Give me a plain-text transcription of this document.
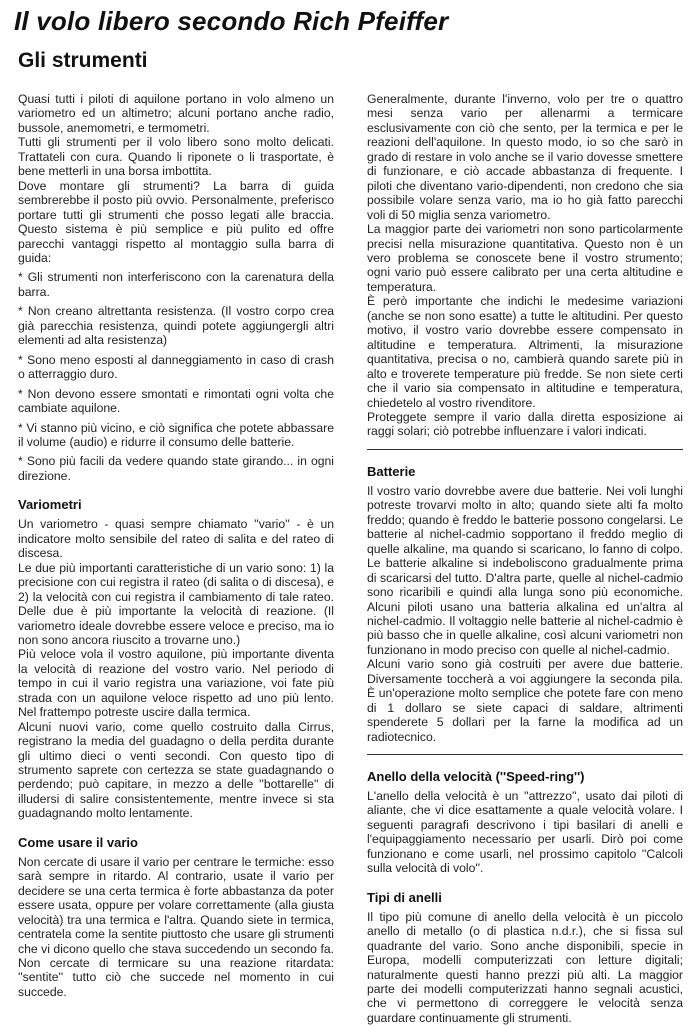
Il volo libero secondo Rich Pfeiffer
Gli strumenti

Quasi tutti i piloti di aquilone portano in volo almeno un variometro ed un altimetro; alcuni portano anche radio, bussole, anemometri, e termometri.

Tutti gli strumenti per il volo libero sono molto delicati. Trattateli con cura. Quando li riponete o li trasportate, è bene metterli in una borsa imbottita.

Dove montare gli strumenti? La barra di guida sembrerebbe il posto più ovvio. Personalmente, preferisco portare tutti gli strumenti che posso legati alle braccia. Questo sistema è più semplice e più pulito ed offre parecchi vantaggi rispetto al montaggio sulla barra di guida:

* Gli strumenti non interferiscono con la carenatura della barra.

* Non creano altrettanta resistenza. (Il vostro corpo crea già parecchia resistenza, quindi potete aggiungergli altri elementi ad alta resistenza)

* Sono meno esposti al danneggiamento in caso di crash o atterraggio duro.

* Non devono essere smontati e rimontati ogni volta che cambiate aquilone.

* Vi stanno più vicino, e ciò significa che potete abbassare il volume (audio) e ridurre il consumo delle batterie.

* Sono più facili da vedere quando state girando... in ogni direzione.

Variometri

Un variometro - quasi sempre chiamato ''vario'' - è un indicatore molto sensibile del rateo di salita e del rateo di discesa.

Le due più importanti caratteristiche di un vario sono: 1) la precisione con cui registra il rateo (di salita o di discesa), e 2) la velocità con cui registra il cambiamento di tale rateo. Delle due è più importante la velocità di reazione. (Il variometro ideale dovrebbe essere veloce e preciso, ma io non sono ancora riuscito a trovarne uno.)

Più veloce vola il vostro aquilone, più importante diventa la velocità di reazione del vostro vario. Nel periodo di tempo in cui il vario registra una variazione, voi fate più strada con un aquilone veloce rispetto ad uno più lento. Nel frattempo potreste uscire dalla termica.

Alcuni nuovi vario, come quello costruito dalla Cirrus, registrano la media del guadagno o della perdita durante gli ultimo dieci o venti secondi. Con questo tipo di strumento saprete con certezza se state guadagnando o perdendo; può capitare, in mezzo a delle ''bottarelle'' di illudersi di salire consistentemente, mentre invece si sta guadagnando molto lentamente.

Come usare il vario

Non cercate di usare il vario per centrare le termiche: esso sarà sempre in ritardo. Al contrario, usate il vario per decidere se una certa termica è forte abbastanza da poter essere usata, oppure per volare correttamente (alla giusta velocità) tra una termica e l'altra. Quando siete in termica, centratela come la sentite piuttosto che usare gli strumenti che vi dicono quello che stava succedendo un secondo fa. Non cercate di termicare su una reazione ritardata: ''sentite'' tutto ciò che succede nel momento in cui succede.

Generalmente, durante l'inverno, volo per tre o quattro mesi senza vario per allenarmi a termicare esclusivamente con ciò che sento, per la termica e per le reazioni dell'aquilone. In questo modo, io so che sarò in grado di restare in volo anche se il vario dovesse smettere di funzionare, e ciò accade abbastanza di frequente. I piloti che diventano vario-dipendenti, non credono che sia possibile volare senza vario, ma io ho già fatto parecchi voli di 50 miglia senza variometro.

La maggior parte dei variometri non sono particolarmente precisi nella misurazione quantitativa. Questo non è un vero problema se conoscete bene il vostro strumento; ogni vario può essere calibrato per una certa altitudine e temperatura.

È però importante che indichi le medesime variazioni (anche se non sono esatte) a tutte le altitudini. Per questo motivo, il vostro vario dovrebbe essere compensato in altitudine e temperatura. Altrimenti, la misurazione quantitativa, precisa o no, cambierà quando sarete più in alto e troverete temperature più fredde. Se non siete certi che il vario sia compensato in altitudine e temperatura, chiedetelo al vostro rivenditore.

Proteggete sempre il vario dalla diretta esposizione ai raggi solari; ciò potrebbe influenzare i valori indicati.

Batterie

Il vostro vario dovrebbe avere due batterie. Nei voli lunghi potreste trovarvi molto in alto; quando siete alti fa molto freddo; quando è freddo le batterie possono congelarsi. Le batterie al nichel-cadmio sopportano il freddo meglio di quelle alkaline, ma quando si scaricano, lo fanno di colpo. Le batterie alkaline si indeboliscono gradualmente prima di scaricarsi del tutto. D'altra parte, quelle al nichel-cadmio sono ricaribili e quindi alla lunga sono più economiche. Alcuni piloti usano una batteria alkalina ed un'altra al nichel-cadmio. Il voltaggio nelle batterie al nichel-cadmio è più basso che in quelle alkaline, così alcuni variometri non funzionano in modo preciso con quelle al nichel-cadmio.

Alcuni vario sono già costruiti per avere due batterie. Diversamente toccherà a voi aggiungere la seconda pila. È un'operazione molto semplice che potete fare con meno di 1 dollaro se siete capaci di saldare, altrimenti spenderete 5 dollari per la farne la modifica ad un radiotecnico.

Anello della velocità (''Speed-ring'')

L'anello della velocità è un ''attrezzo'', usato dai piloti di aliante, che vi dice esattamente a quale velocità volare. I seguenti paragrafi descrivono i tipi basilari di anelli e l'equipaggiamento necessario per usarli. Dirò poi come funzionano e come usarli, nel prossimo capitolo ''Calcoli sulla velocità di volo''.

Tipi di anelli

Il tipo più comune di anello della velocità è un piccolo anello di metallo (o di plastica n.d.r.), che si fissa sul quadrante del vario. Sono anche disponibili, specie in Europa, modelli computerizzati con letture digitali; naturalmente questi hanno prezzi più alti. La maggior parte dei modelli computerizzati hanno segnali acustici, che vi permettono di correggere le velocità senza guardare continuamente gli strumenti.
